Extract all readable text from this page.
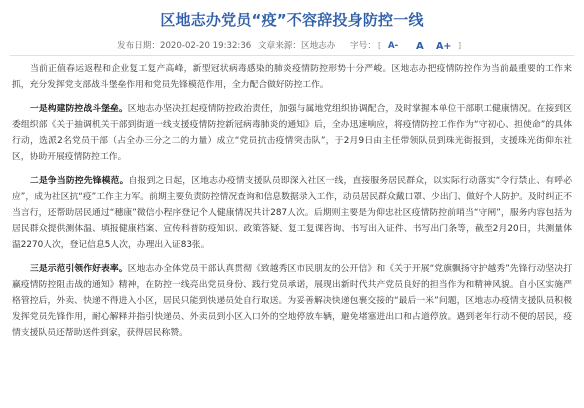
区地志办党员“疫”不容辞投身防控一线
发布日期：2020-02-20 19:32:36 文章来源：区地志办 字号： [ A- A A+ ]

当前正值春运返程和企业复工复产高峰，新型冠状病毒感染的肺炎疫情防控形势十分严峻。区地志办把疫情防控作为当前最重要的工作来抓，充分发挥党支部战斗堡垒作用和党员先锋模范作用，全力配合做好防控工作。

一是构建防控战斗堡垒。区地志办坚决扛起疫情防控政治责任，加强与属地党组织协调配合，及时掌握本单位干部职工健康情况。在接到区委组织部《关于抽调机关干部到街道一线支援疫情防控新冠病毒肺炎的通知》后，全办迅速响应，将疫情防控工作作为“守初心、担使命”的具体行动，选派2名党员干部（占全办三分之二的力量）成立“党员抗击疫情突击队”，于2月9日由主任带领队员到珠光街报到，支援珠光街仰东社区，协助开展疫情防控工作。

二是争当防控先锋模范。自报到之日起，区地志办疫情支援队员即深入社区一线，直接服务居民群众，以实际行动落实“令行禁止、有呼必应”，成为社区抗“疫”工作主力军。前期主要负责防控情况查询和信息数据录入工作，动员居民群众戴口罩、少出门、做好个人防护。及时纠正不当言行，还帮助居民通过“穗康”微信小程序登记个人健康情况共计287人次。后期则主要是为仰忠社区疫情防控前哨当“守闸”，服务内容包括为居民群众提供测体温、填报健康档案、宣传科普防疫知识、政策答疑、复工复课咨询、书写出入证件、书写出门条等，截至2月20日，共测量体温2270人次，登记信息5人次，办理出入证83张。

三是示范引领作好表率。区地志办全体党员干部认真贯彻《致越秀区市民朋友的公开信》和《关于开展“党旗飘扬守护越秀”先锋行动坚决打赢疫情防控阻击战的通知》精神，在防控一线亮出党员身份、践行党员承诺，展现出新时代共产党员良好的担当作为和精神风貌。自小区实施严格管控后，外卖、快递不得进入小区，居民只能到快递员处自行取送。为妥善解决快递包裹交接的“最后一米”问题，区地志办疫情支援队员积极发挥党员先锋作用，耐心解释并指引快递员、外卖员到小区入口外的空地停放车辆，避免堵塞进出口和占道停放。遇到老年行动不便的居民，疫情支援队员还帮助送件到家，获得居民称赞。
